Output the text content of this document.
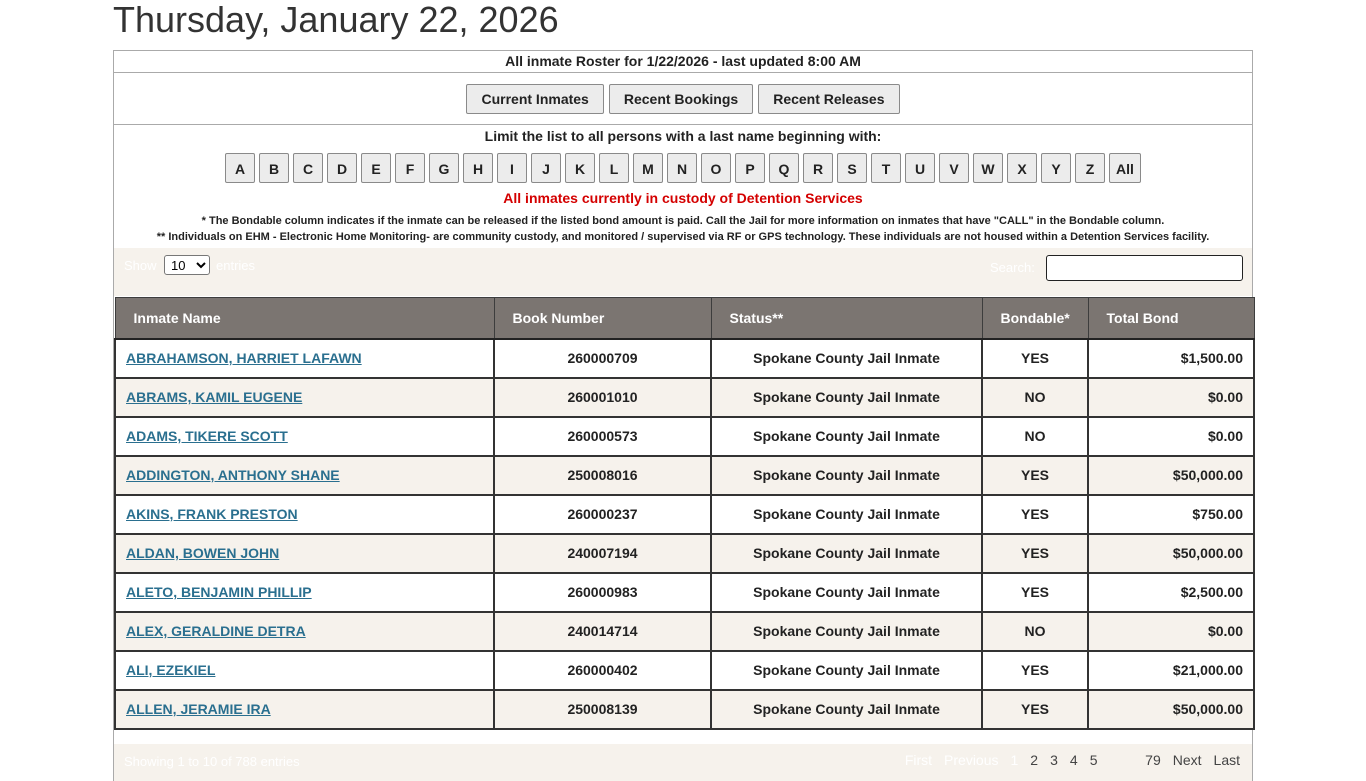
Thursday, January 22, 2026
All inmate Roster for 1/22/2026 - last updated 8:00 AM
Current Inmates	Recent Bookings	Recent Releases
Limit the list to all persons with a last name beginning with:
A	B	C	D	E	F	G	H	I	J	K	L	M	N	O	P	Q	R	S	T	U	V	W	X	Y	Z	All
All inmates currently in custody of Detention Services
* The Bondable column indicates if the inmate can be released if the listed bond amount is paid. Call the Jail for more information on inmates that have "CALL" in the Bondable column.
** Individuals on EHM - Electronic Home Monitoring- are community custody, and monitored / supervised via RF or GPS technology. These individuals are not housed within a Detention Services facility.
Show
10	entries	Search:
Inmate Name	Book Number	Status**	Bondable*	Total Bond
ABRAHAMSON, HARRIET LAFAWN	260000709	Spokane County Jail Inmate	YES	$1,500.00
ABRAMS, KAMIL EUGENE	260001010	Spokane County Jail Inmate	NO	$0.00
ADAMS, TIKERE SCOTT	260000573	Spokane County Jail Inmate	NO	$0.00
ADDINGTON, ANTHONY SHANE	250008016	Spokane County Jail Inmate	YES	$50,000.00
AKINS, FRANK PRESTON	260000237	Spokane County Jail Inmate	YES	$750.00
ALDAN, BOWEN JOHN	240007194	Spokane County Jail Inmate	YES	$50,000.00
ALETO, BENJAMIN PHILLIP	260000983	Spokane County Jail Inmate	YES	$2,500.00
ALEX, GERALDINE DETRA	240014714	Spokane County Jail Inmate	NO	$0.00
ALI, EZEKIEL	260000402	Spokane County Jail Inmate	YES	$21,000.00
ALLEN, JERAMIE IRA	250008139	Spokane County Jail Inmate	YES	$50,000.00
Showing 1 to 10 of 788 entries	First Previous 1 2 3 4 5	...	79 Next Last
